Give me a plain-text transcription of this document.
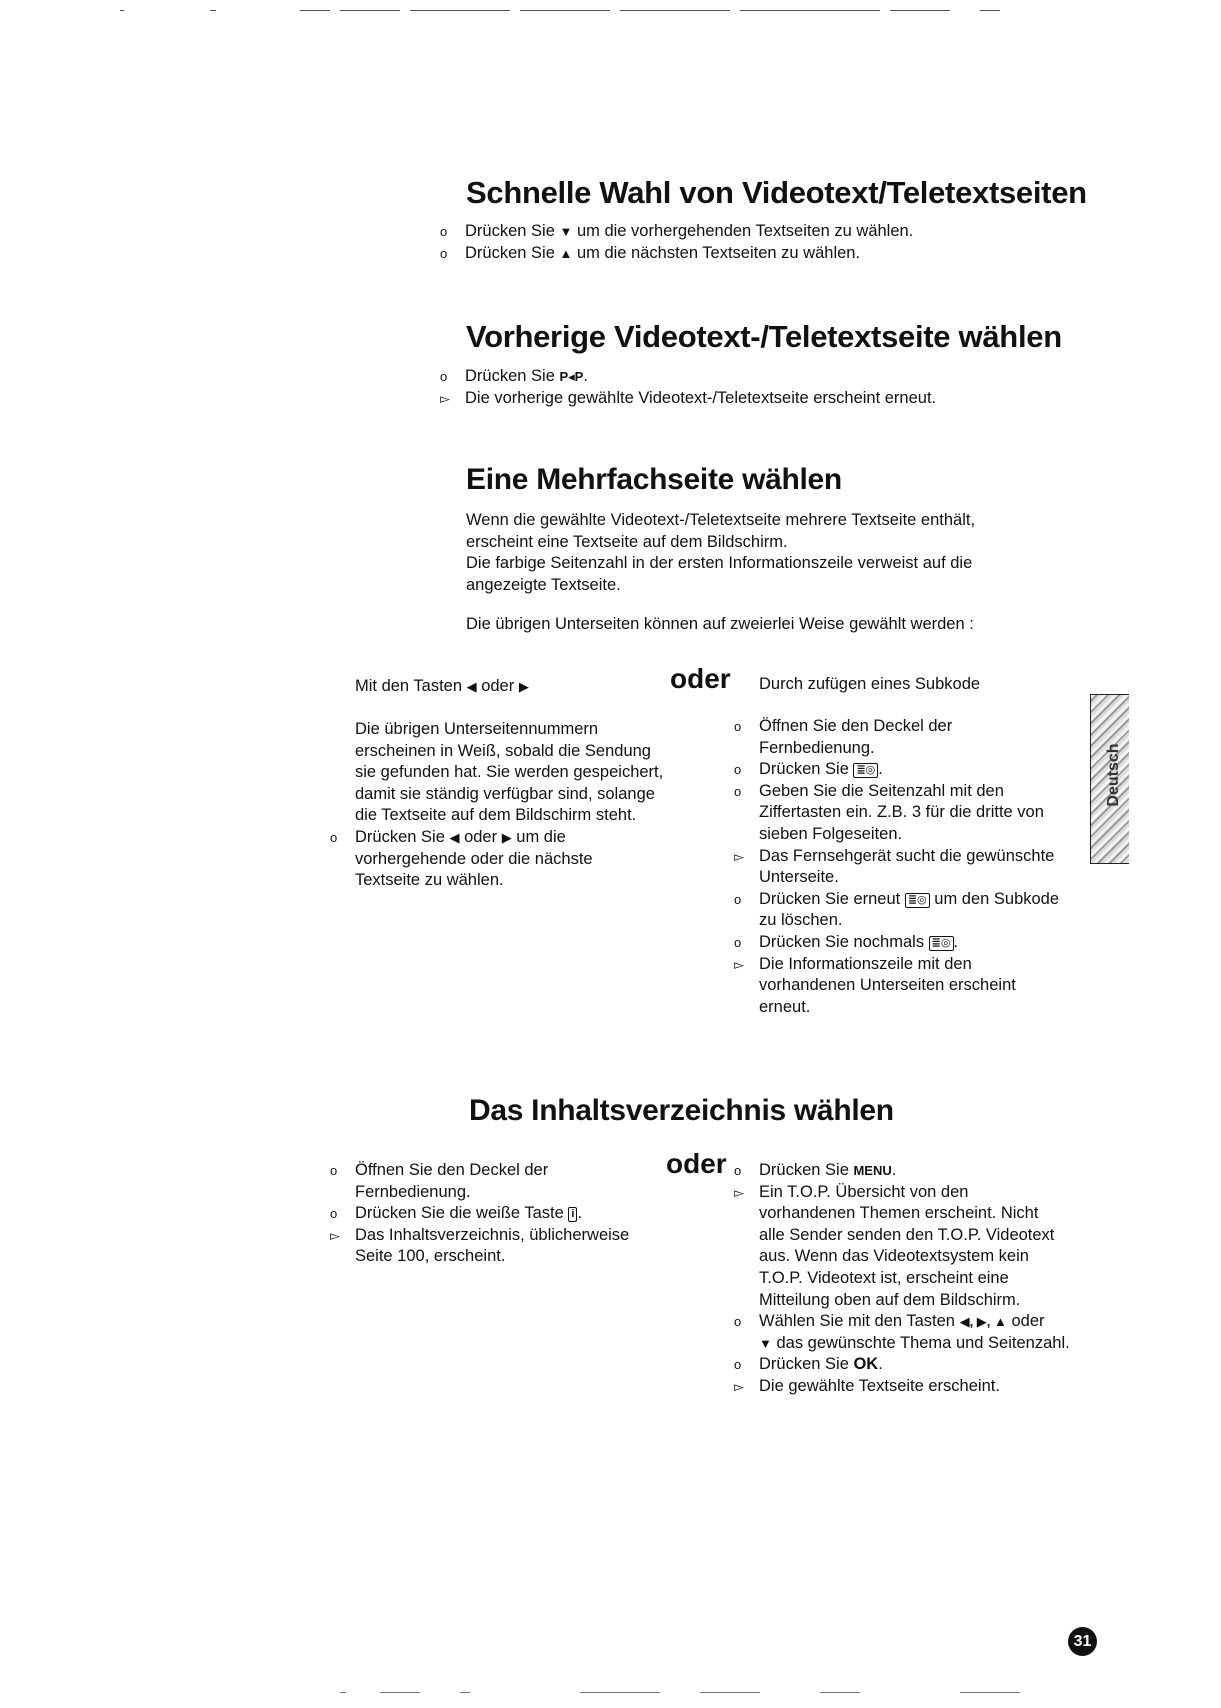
Schnelle Wahl von Videotext/Teletextseiten
o	Drücken Sie ▼ um die vorhergehenden Textseiten zu wählen.
o	Drücken Sie ▲ um die nächsten Textseiten zu wählen.
Vorherige Videotext-/Teletextseite wählen
o	Drücken Sie P◂P.
▻ Die vorherige gewählte Videotext-/Teletextseite erscheint erneut.
Eine Mehrfachseite wählen
Wenn die gewählte Videotext-/Teletextseite mehrere Textseite enthält,
erscheint eine Textseite auf dem Bildschirm.
Die farbige Seitenzahl in der ersten Informationszeile verweist auf die
angezeigte Textseite.
Die übrigen Unterseiten können auf zweierlei Weise gewählt werden :
oder
Mit den Tasten ◀ oder ▶
Die übrigen Unterseitennummern
erscheinen in Weiß, sobald die Sendung
sie gefunden hat. Sie werden gespeichert,
damit sie ständig verfügbar sind, solange
die Textseite auf dem Bildschirm steht.
o	Drücken Sie ◀ oder ▶ um die
vorhergehende oder die nächste
Textseite zu wählen.
Durch zufügen eines Subkode
o	Öffnen Sie den Deckel der
Fernbedienung.
o	Drücken Sie ≣◎ .
o	Geben Sie die Seitenzahl mit den
Ziffertasten ein. Z.B. 3 für die dritte von
sieben Folgeseiten.
▻ Das Fernsehgerät sucht die gewünschte
Unterseite.
o	Drücken Sie erneut ≣◎ um den Subkode
zu löschen.
o	Drücken Sie nochmals ≣◎ .
▻ Die Informationszeile mit den
vorhandenen Unterseiten erscheint
erneut.
Deutsch
Das Inhaltsverzeichnis wählen
oder
o	Öffnen Sie den Deckel der
Fernbedienung.
o	Drücken Sie die weiße Taste i .
▻ Das Inhaltsverzeichnis, üblicherweise
Seite 100, erscheint.
o	Drücken Sie MENU.
▻ Ein T.O.P. Übersicht von den
vorhandenen Themen erscheint. Nicht
alle Sender senden den T.O.P. Videotext
aus. Wenn das Videotextsystem kein
T.O.P. Videotext ist, erscheint eine
Mitteilung oben auf dem Bildschirm.
o	Wählen Sie mit den Tasten ◀, ▶, ▲ oder
▼ das gewünschte Thema und Seitenzahl.
o	Drücken Sie OK.
▻ Die gewählte Textseite erscheint.
31
